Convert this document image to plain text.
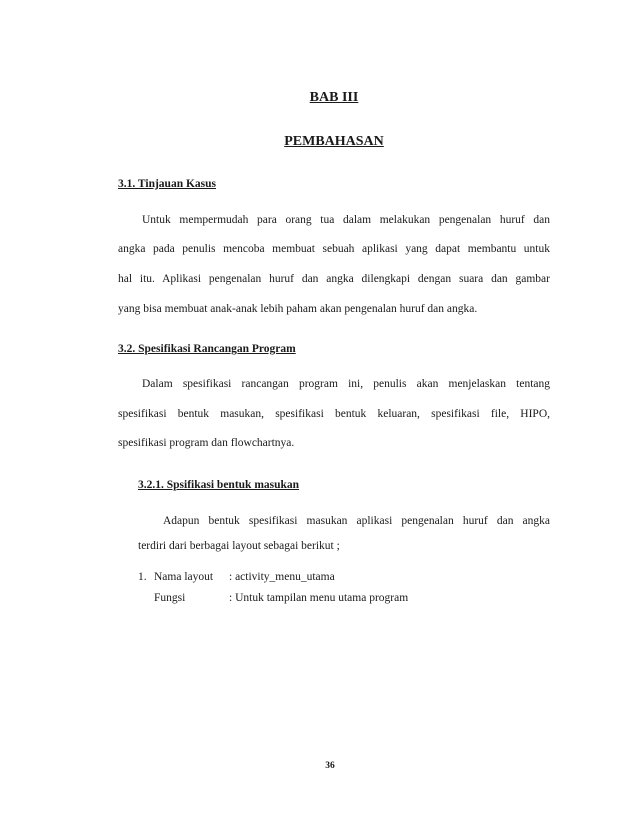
BAB III
PEMBAHASAN
3.1. Tinjauan Kasus
Untuk mempermudah para orang tua dalam melakukan pengenalan huruf dan
angka pada penulis mencoba membuat sebuah aplikasi yang dapat membantu untuk
hal itu. Aplikasi pengenalan huruf dan angka dilengkapi dengan suara dan gambar
yang bisa membuat anak-anak lebih paham akan pengenalan huruf dan angka.
3.2. Spesifikasi Rancangan Program
Dalam spesifikasi rancangan program ini, penulis akan menjelaskan tentang
spesifikasi bentuk masukan, spesifikasi bentuk keluaran, spesifikasi file, HIPO,
spesifikasi program dan flowchartnya.
3.2.1. Spsifikasi bentuk masukan
Adapun bentuk spesifikasi masukan aplikasi pengenalan huruf dan angka
terdiri dari berbagai layout sebagai berikut ;
1. Nama layout : activity_menu_utama
Fungsi	: Untuk tampilan menu utama program
36
